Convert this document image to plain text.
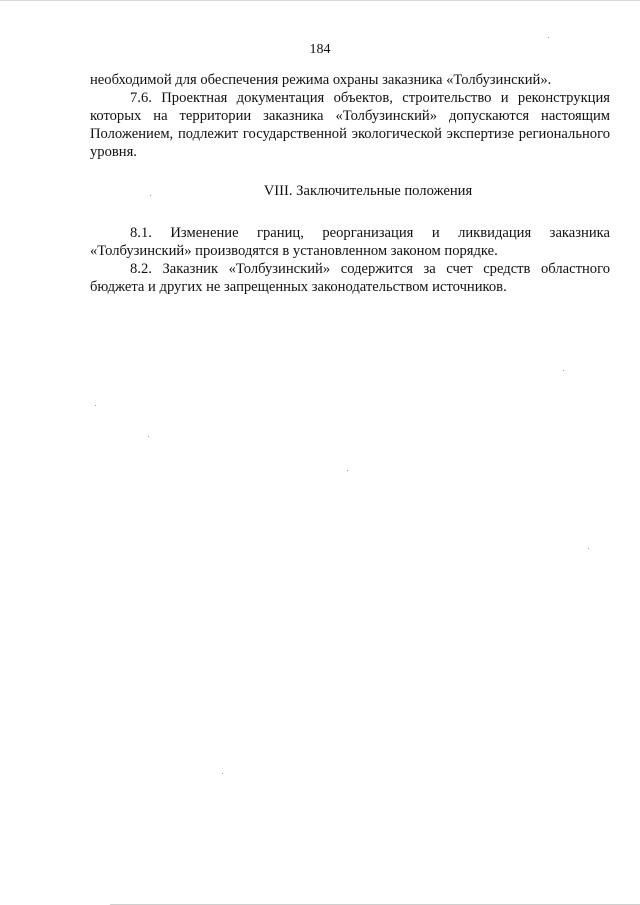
184

необходимой для обеспечения режима охраны заказника «Толбузинский».

7.6. Проектная документация объектов, строительство и реконструкция которых на территории заказника «Толбузинский» допускаются настоящим Положением, подлежит государственной экологической экспертизе регионального уровня.

VIII. Заключительные положения

8.1. Изменение границ, реорганизация и ликвидация заказника «Толбузинский» производятся в установленном законом порядке.

8.2. Заказник «Толбузинский» содержится за счет средств областного бюджета и других не запрещенных законодательством источников.
